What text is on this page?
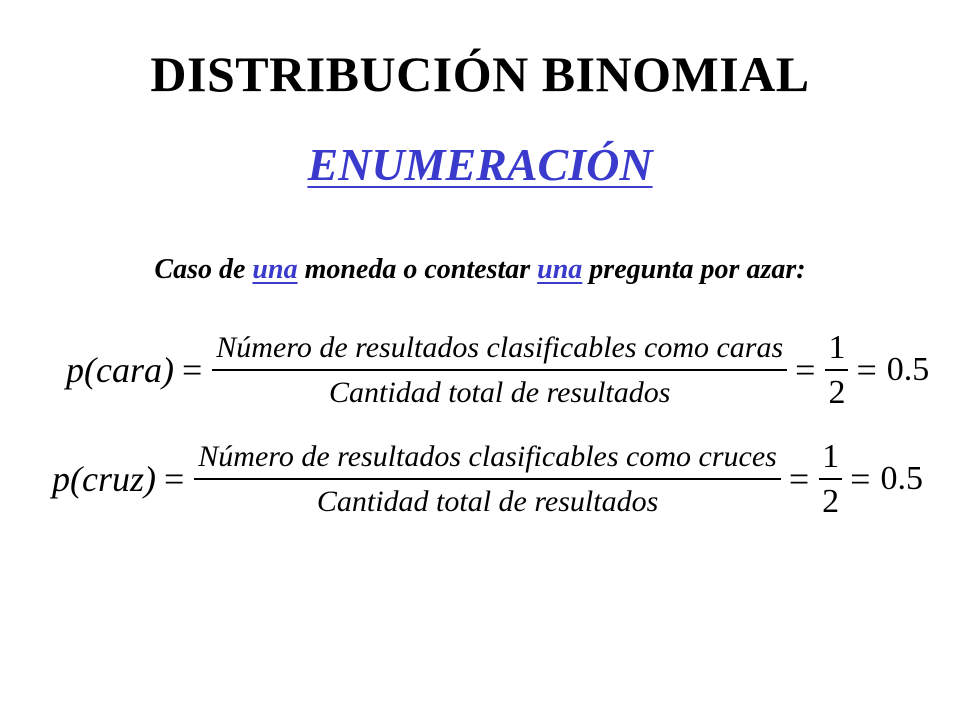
DISTRIBUCIÓN BINOMIAL
ENUMERACIÓN
Caso de una moneda o contestar una pregunta por azar:
p(cara) = $\frac{\text{Número de resultados clasificables como caras}}{\text{Cantidad total de resultados}} = \frac{1}{2} = 0.5$
p(cruz) = $\frac{\text{Número de resultados clasificables como cruces}}{\text{Cantidad total de resultados}} = \frac{1}{2} = 0.5$
